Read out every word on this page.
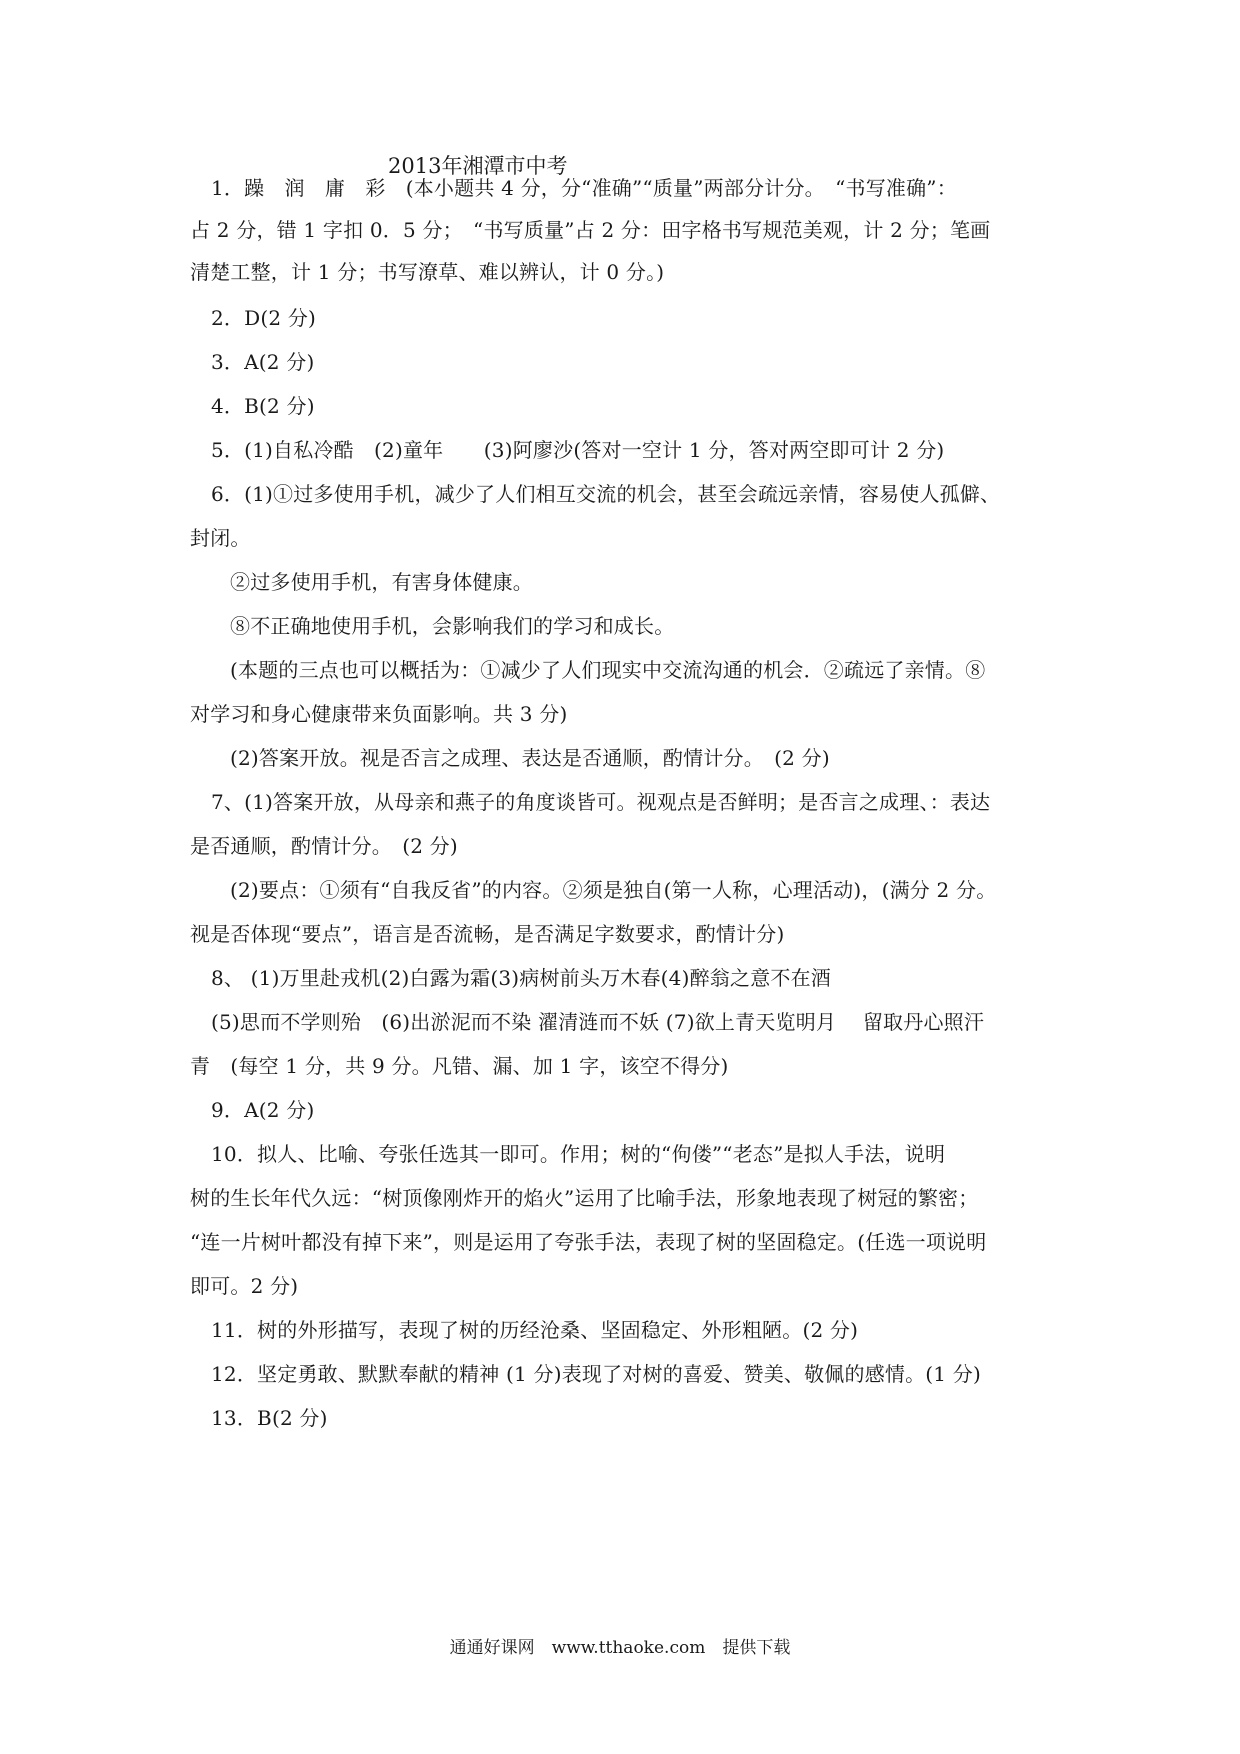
2013年湘潭市中考
1．躁　润　庸　彩　(本小题共 4 分，分“准确”“质量”两部分计分。　“书写准确”：
占 2 分，错 1 字扣 0．5 分；　“书写质量”占 2 分：田字格书写规范美观，计 2 分；笔画
清楚工整，计 1 分；书写潦草、难以辨认，计 0 分。)
2．D(2 分)
3．A(2 分)
4．B(2 分)
5．(1)自私冷酷　(2)童年　　(3)阿廖沙(答对一空计 1 分，答对两空即可计 2 分)
6．(1)①过多使用手机，减少了人们相互交流的机会，甚至会疏远亲情，容易使人孤僻、
封闭。
②过多使用手机，有害身体健康。
⑧不正确地使用手机，会影响我们的学习和成长。
(本题的三点也可以概括为：①减少了人们现实中交流沟通的机会．②疏远了亲情。⑧
对学习和身心健康带来负面影响。共 3 分)
(2)答案开放。视是否言之成理、表达是否通顺，酌情计分。　(2 分)
7、(1)答案开放，从母亲和燕子的角度谈皆可。视观点是否鲜明；是否言之成理、：表达
是否通顺，酌情计分。　(2 分)
(2)要点：①须有“自我反省”的内容。②须是独自(第一人称，心理活动)，(满分 2 分。
视是否体现“要点”，语言是否流畅，是否满足字数要求，酌情计分)
8、 (1)万里赴戎机(2)白露为霜(3)病树前头万木春(4)醉翁之意不在酒
(5)思而不学则殆　(6)出淤泥而不染 濯清涟而不妖 (7)欲上青天览明月　 留取丹心照汗
青　(每空 1 分，共 9 分。凡错、漏、加 1 字，该空不得分)
9．A(2 分)
10．拟人、比喻、夸张任选其一即可。作用；树的“佝偻”“老态”是拟人手法，说明
树的生长年代久远：“树顶像刚炸开的焰火”运用了比喻手法，形象地表现了树冠的繁密；
“连一片树叶都没有掉下来”，则是运用了夸张手法，表现了树的坚固稳定。(任选一项说明
即可。2 分)
11．树的外形描写，表现了树的历经沧桑、坚固稳定、外形粗陋。(2 分)
12．坚定勇敢、默默奉献的精神 (1 分)表现了对树的喜爱、赞美、敬佩的感情。(1 分)
13．B(2 分)
通通好课网　www.tthaoke.com　提供下载
